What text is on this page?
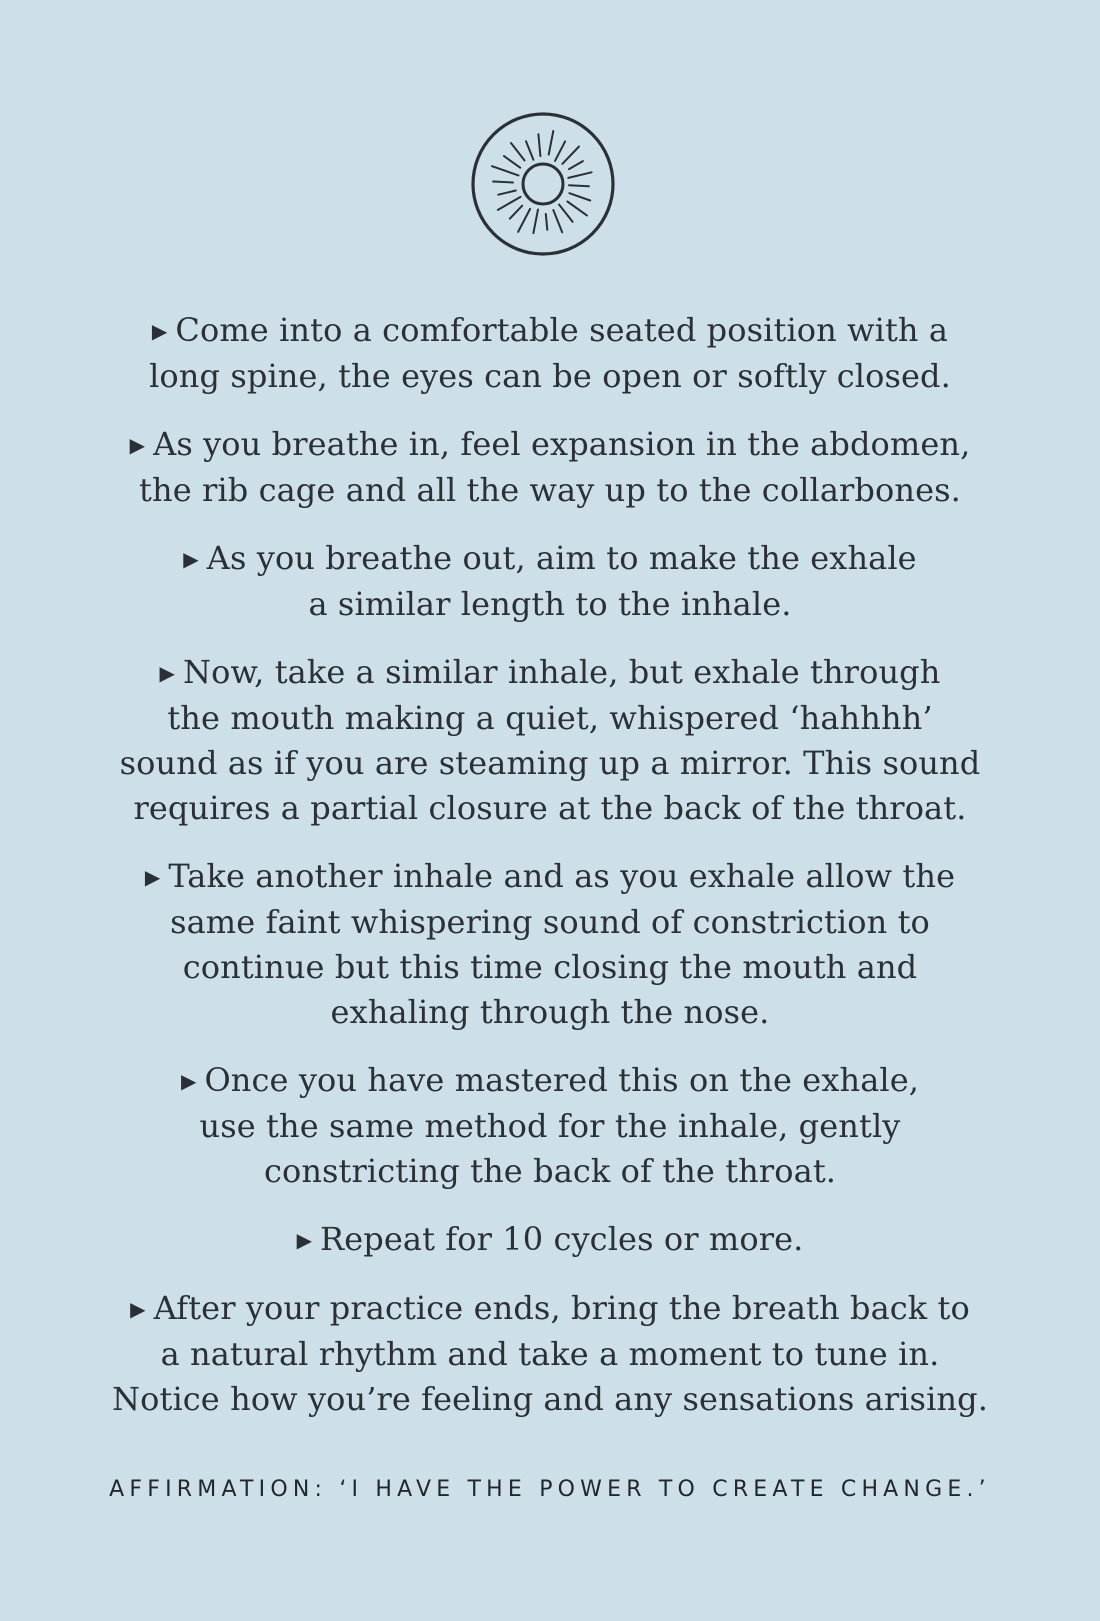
▶ Come into a comfortable seated position with a
long spine, the eyes can be open or softly closed.
▶ As you breathe in, feel expansion in the abdomen,
the rib cage and all the way up to the collarbones.
▶ As you breathe out, aim to make the exhale
a similar length to the inhale.
▶ Now, take a similar inhale, but exhale through
the mouth making a quiet, whispered ‘hahhhh’
sound as if you are steaming up a mirror. This sound
requires a partial closure at the back of the throat.
▶ Take another inhale and as you exhale allow the
same faint whispering sound of constriction to
continue but this time closing the mouth and
exhaling through the nose.
▶ Once you have mastered this on the exhale,
use the same method for the inhale, gently
constricting the back of the throat.
▶ Repeat for 10 cycles or more.
▶ After your practice ends, bring the breath back to
a natural rhythm and take a moment to tune in.
Notice how you’re feeling and any sensations arising.
AFFIRMATION: ‘I HAVE THE POWER TO CREATE CHANGE.’
